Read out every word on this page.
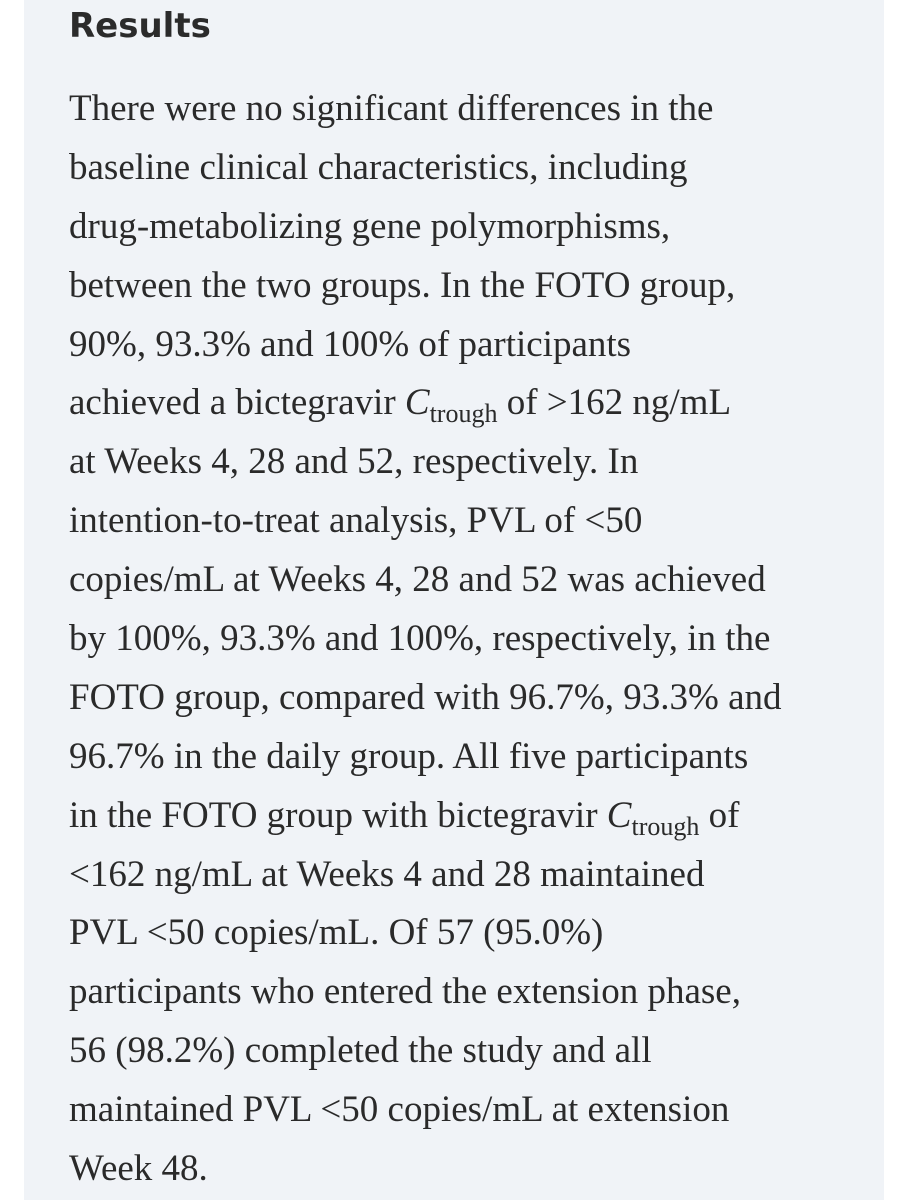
Results

There were no significant differences in the
baseline clinical characteristics, including
drug-metabolizing gene polymorphisms,
between the two groups. In the FOTO group,
90%, 93.3% and 100% of participants
achieved a bictegravir $C_{trough}$ of >162 ng/mL
at Weeks 4, 28 and 52, respectively. In
intention-to-treat analysis, PVL of <50
copies/mL at Weeks 4, 28 and 52 was achieved
by 100%, 93.3% and 100%, respectively, in the
FOTO group, compared with 96.7%, 93.3% and
96.7% in the daily group. All five participants
in the FOTO group with bictegravir $C_{trough}$ of
<162 ng/mL at Weeks 4 and 28 maintained
PVL <50 copies/mL. Of 57 (95.0%)
participants who entered the extension phase,
56 (98.2%) completed the study and all
maintained PVL <50 copies/mL at extension
Week 48.
